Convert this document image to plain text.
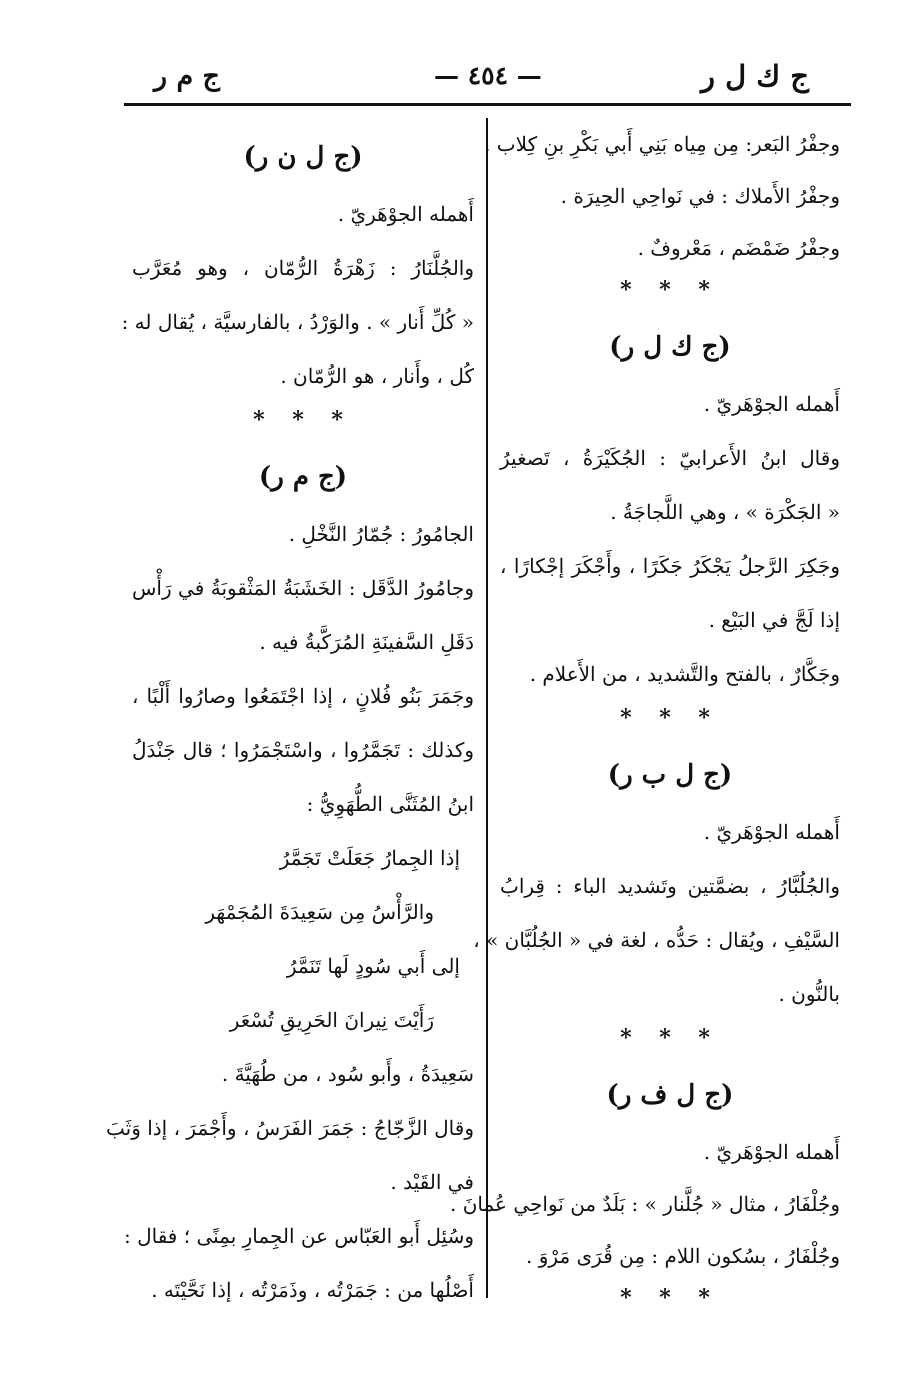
ج ك ل ر
— ٤٥٤ —
ج م ر
وجفْرُ البَعر: مِن مِياه بَنِي أَبي بَكْرِ بنِ كِلاب .
وجفْرُ الأَملاك : في نَواحِي الحِيرَة .
وجفْرُ ضَمْضَم ، مَعْروفٌ .
* * *
(ج ك ل ر)
أَهمله الجوْهَريّ .
وقال ابنُ الأَعرابيّ : الجُكَيْرَةُ ، تَصغيرُ
« الجَكْرَة » ، وهي اللَّجاجَةُ .
وجَكِرَ الرَّجلُ يَجْكَرُ جَكَرًا ، وأَجْكَرَ إجْكارًا ،
إذا لَجَّ في البَيْع .
وجَكَّارٌ ، بالفتح والتَّشديد ، من الأَعلام .
* * *
(ج ل ب ر)
أَهمله الجوْهَريّ .
والجُلُبَّارُ ، بضمَّتين وتَشديد الباء : قِرابُ
السَّيْفِ ، ويُقال : حَدُّه ، لغة في « الجُلُبَّان » ،
بالنُّون .
* * *
(ج ل ف ر)
أَهمله الجوْهَريّ .
وجُلْفَارُ ، مثال « جُلَّنار » : بَلَدٌ من نَواحِي عُمانَ .
وجُلْفَارُ ، بسُكون اللام : مِن قُرَى مَرْوَ .
* * *
(ج ل ن ر)
أَهمله الجوْهَريّ .
والجُلَّنَارُ : زَهْرَةُ الرُّمّان ، وهو مُعَرَّب
« كُلِّ أَنار » . والوَرْدُ ، بالفارسيَّة ، يُقال له :
كُل ، وأَنار ، هو الرُّمّان .
* * *
(ج م ر)
الجامُورُ : جُمّارُ النَّخْلِ .
وجامُورُ الدَّقَل : الخَشَبَةُ المَثْقوبَةُ في رَأْس
دَقَلِ السَّفينَةِ المُرَكَّبةُ فيه .
وجَمَرَ بَنُو فُلانٍ ، إذا اجْتَمَعُوا وصارُوا أَلْبًا ،
وكذلك : تَجَمَّرُوا ، واسْتَجْمَرُوا ؛ قال جَنْدَلُ
ابنُ المُثَنَّى الطُّهَوِيُّ :
إذا الجِمارُ جَعَلَتْ تَجَمَّرُ
والرَّأْسُ مِن سَعِيدَةَ المُجَمْهَر
إلى أَبي سُودٍ لَها تَنَمَّرُ
رَأَيْتَ نِيرانَ الحَرِيقِ تُسْعَر
سَعِيدَةُ ، وأَبو سُود ، من طُهَيَّةَ .
وقال الزَّجّاجُ : جَمَرَ الفَرَسُ ، وأَجْمَرَ ، إذا وَثَبَ
في القَيْد .
وسُئِل أَبو العَبّاس عن الجِمارِ بمِنًى ؛ فقال :
أَصْلُها من : جَمَرْتُه ، وذَمَرْتُه ، إذا نَحَّيْتَه .
